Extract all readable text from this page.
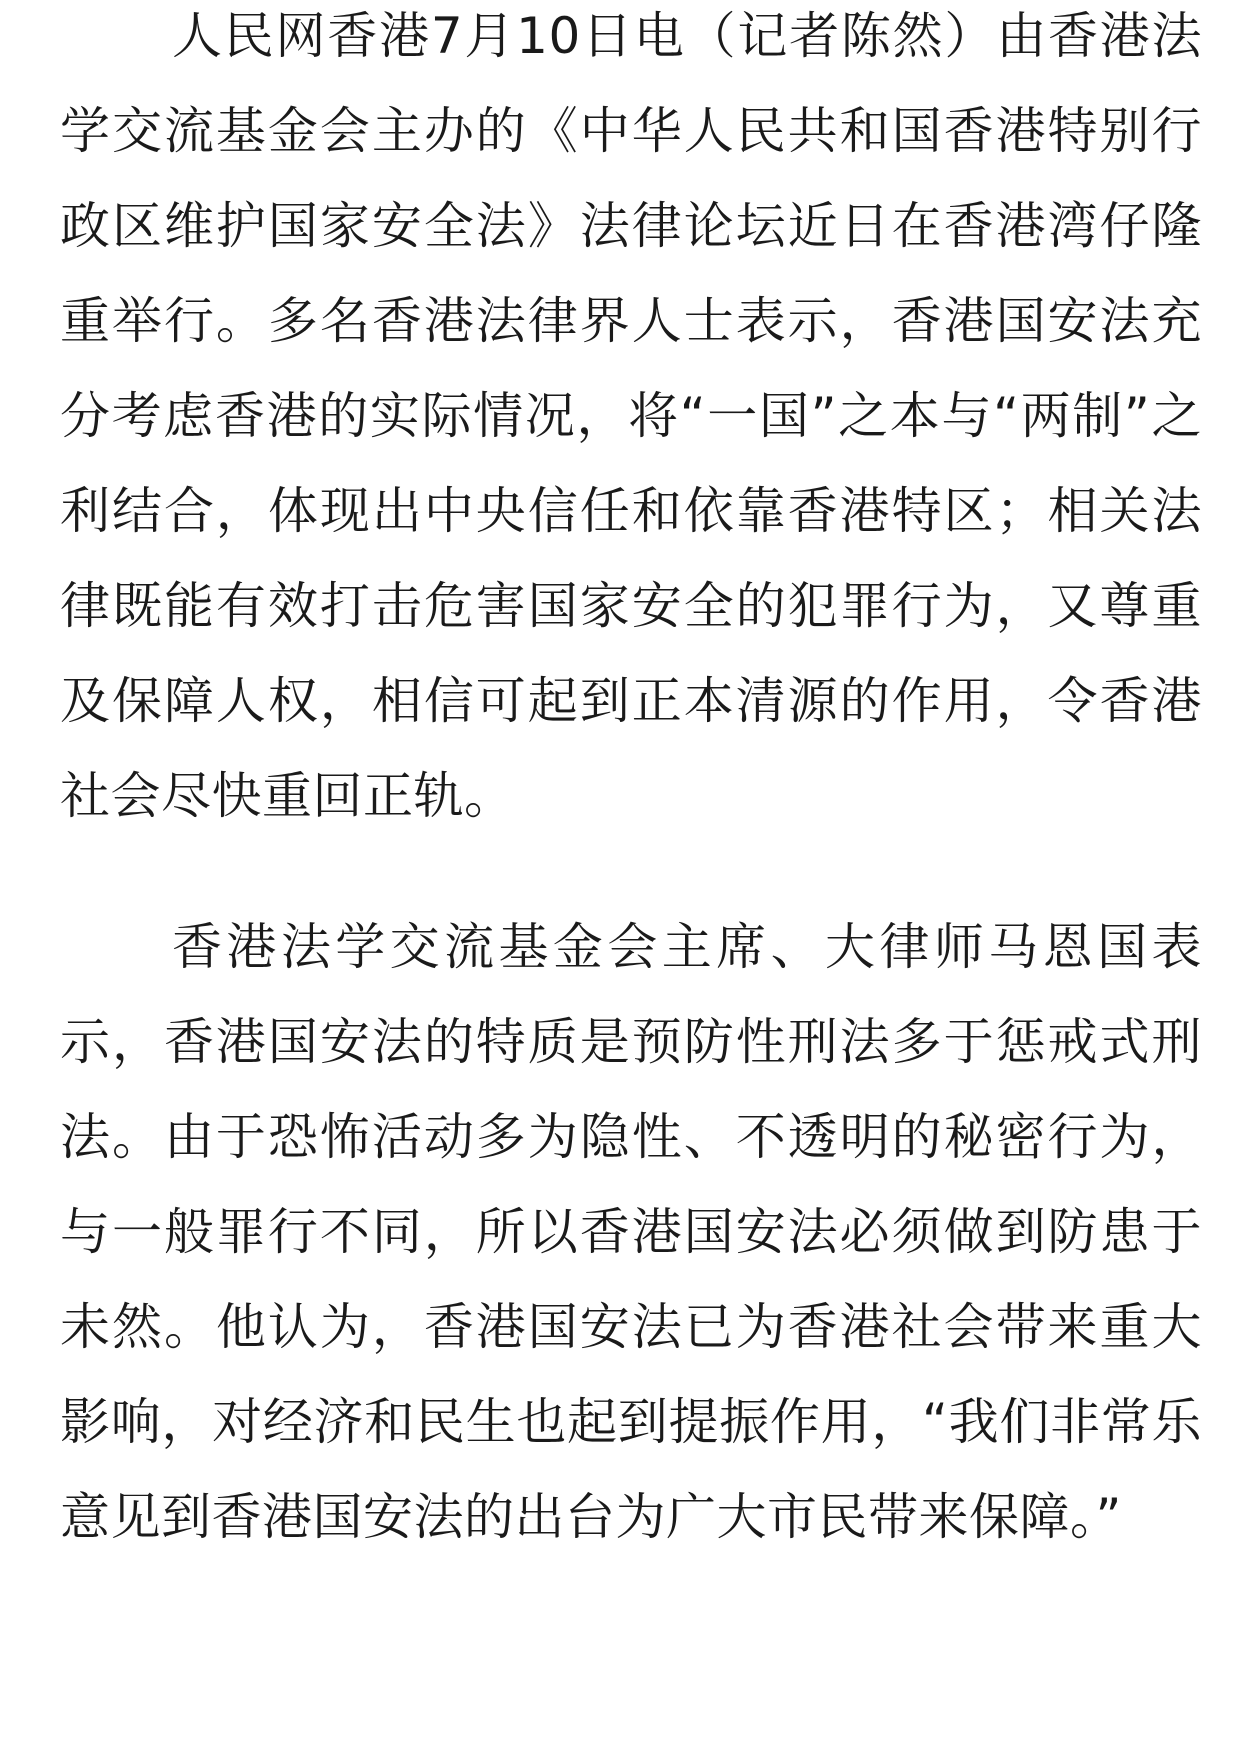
人民网香港7月10日电（记者陈然）由香港法学交流基金会主办的《中华人民共和国香港特别行政区维护国家安全法》法律论坛近日在香港湾仔隆重举行。多名香港法律界人士表示，香港国安法充分考虑香港的实际情况，将“一国”之本与“两制”之利结合，体现出中央信任和依靠香港特区；相关法律既能有效打击危害国家安全的犯罪行为，又尊重及保障人权，相信可起到正本清源的作用，令香港社会尽快重回正轨。

香港法学交流基金会主席、大律师马恩国表示，香港国安法的特质是预防性刑法多于惩戒式刑法。由于恐怖活动多为隐性、不透明的秘密行为，与一般罪行不同，所以香港国安法必须做到防患于未然。他认为，香港国安法已为香港社会带来重大影响，对经济和民生也起到提振作用，“我们非常乐意见到香港国安法的出台为广大市民带来保障。”
